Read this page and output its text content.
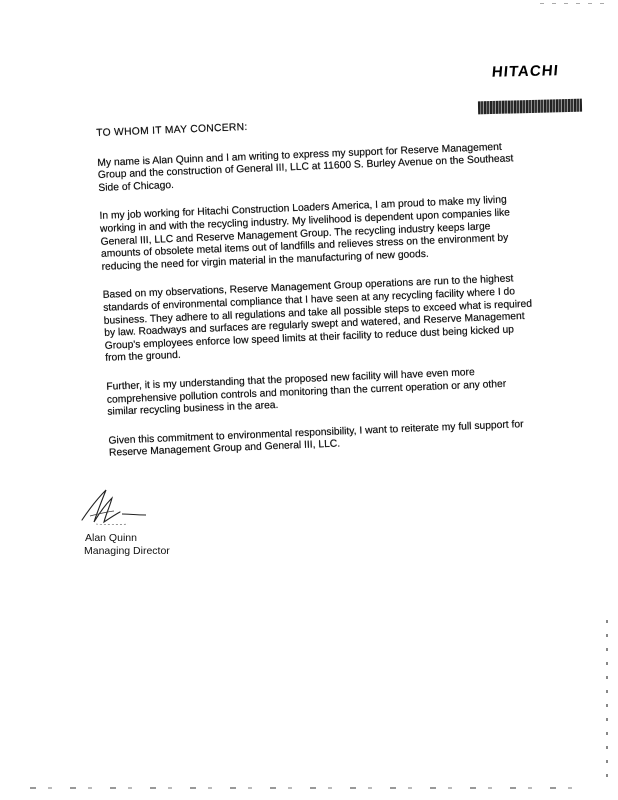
HITACHI

TO WHOM IT MAY CONCERN:

My name is Alan Quinn and I am writing to express my support for Reserve Management Group and the construction of General III, LLC at 11600 S. Burley Avenue on the Southeast Side of Chicago.

In my job working for Hitachi Construction Loaders America, I am proud to make my living working in and with the recycling industry. My livelihood is dependent upon companies like General III, LLC and Reserve Management Group. The recycling industry keeps large amounts of obsolete metal items out of landfills and relieves stress on the environment by reducing the need for virgin material in the manufacturing of new goods.

Based on my observations, Reserve Management Group operations are run to the highest standards of environmental compliance that I have seen at any recycling facility where I do business. They adhere to all regulations and take all possible steps to exceed what is required by law. Roadways and surfaces are regularly swept and watered, and Reserve Management Group's employees enforce low speed limits at their facility to reduce dust being kicked up from the ground.

Further, it is my understanding that the proposed new facility will have even more comprehensive pollution controls and monitoring than the current operation or any other similar recycling business in the area.

Given this commitment to environmental responsibility, I want to reiterate my full support for Reserve Management Group and General III, LLC.

Alan Quinn
Managing Director
